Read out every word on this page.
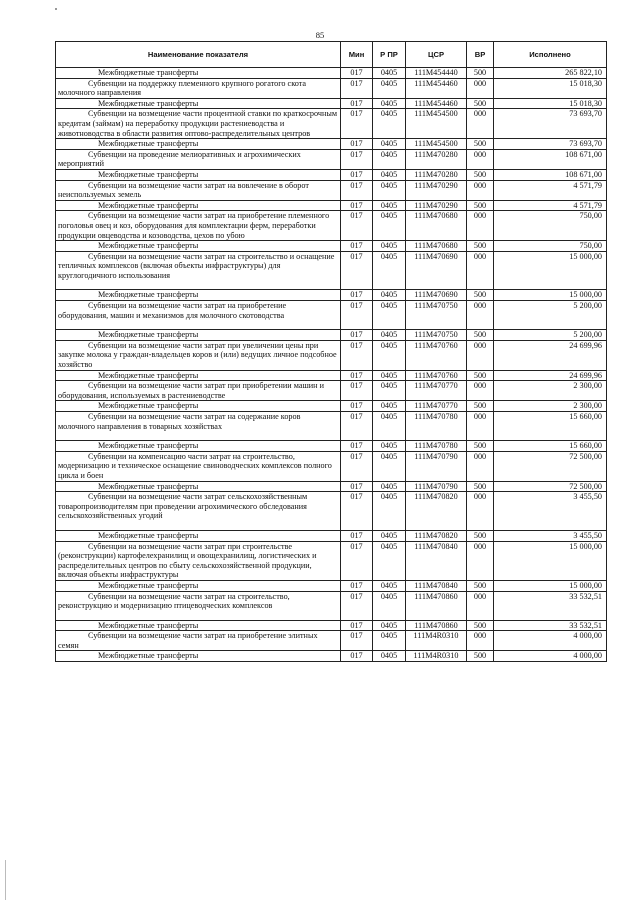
85
Наименование показателя	Мин	Р ПР	ЦСР	ВР	Исполнено
Межбюджетные трансферты	017	0405	111М454440	500	265 822,10
Субвенции на поддержку племенного крупного рогатого скота молочного направления	017	0405	111М454460	000	15 018,30
Межбюджетные трансферты	017	0405	111М454460	500	15 018,30
Субвенции на возмещение части процентной ставки по краткосрочным кредитам (займам) на переработку продукции растениеводства и животноводства в области развития оптово-распределительных центров	017	0405	111М454500	000	73 693,70
Межбюджетные трансферты	017	0405	111М454500	500	73 693,70
Субвенции на проведение мелиоративных и агрохимических мероприятий	017	0405	111М470280	000	108 671,00
Межбюджетные трансферты	017	0405	111М470280	500	108 671,00
Субвенции на возмещение части затрат на вовлечение в оборот неиспользуемых земель	017	0405	111М470290	000	4 571,79
Межбюджетные трансферты	017	0405	111М470290	500	4 571,79
Субвенции на возмещение части затрат на приобретение племенного поголовья овец и коз, оборудования для комплектации ферм, переработки продукции овцеводства и козоводства, цехов по убою	017	0405	111М470680	000	750,00
Межбюджетные трансферты	017	0405	111М470680	500	750,00
Субвенции на возмещение части затрат на строительство и оснащение тепличных комплексов (включая объекты инфраструктуры) для круглогодичного использования	017	0405	111М470690	000	15 000,00
Межбюджетные трансферты	017	0405	111М470690	500	15 000,00
Субвенции на возмещение части затрат на приобретение оборудования, машин и механизмов для молочного скотоводства	017	0405	111М470750	000	5 200,00
Межбюджетные трансферты	017	0405	111М470750	500	5 200,00
Субвенции на возмещение части затрат при увеличении цены при закупке молока у граждан-владельцев коров и (или) ведущих личное подсобное хозяйство	017	0405	111М470760	000	24 699,96
Межбюджетные трансферты	017	0405	111М470760	500	24 699,96
Субвенции на возмещение части затрат при приобретении машин и оборудования, используемых в растениеводстве	017	0405	111М470770	000	2 300,00
Межбюджетные трансферты	017	0405	111М470770	500	2 300,00
Субвенции на возмещение части затрат на содержание коров молочного направления в товарных хозяйствах	017	0405	111М470780	000	15 660,00
Межбюджетные трансферты	017	0405	111М470780	500	15 660,00
Субвенции на компенсацию части затрат на строительство, модернизацию и техническое оснащение свиноводческих комплексов полного цикла и боен	017	0405	111М470790	000	72 500,00
Межбюджетные трансферты	017	0405	111М470790	500	72 500,00
Субвенции на возмещение части затрат сельскохозяйственным товаропроизводителям при проведении агрохимического обследования сельскохозяйственных угодий	017	0405	111М470820	000	3 455,50
Межбюджетные трансферты	017	0405	111М470820	500	3 455,50
Субвенции на возмещение части затрат при строительстве (реконструкции) картофелехранилищ и овощехранилищ, логистических и распределительных центров по сбыту сельскохозяйственной продукции, включая объекты инфраструктуры	017	0405	111М470840	000	15 000,00
Межбюджетные трансферты	017	0405	111М470840	500	15 000,00
Субвенции на возмещение части затрат на строительство, реконструкцию и модернизацию птицеводческих комплексов	017	0405	111М470860	000	33 532,51
Межбюджетные трансферты	017	0405	111М470860	500	33 532,51
Субвенции на возмещение части затрат на приобретение элитных семян	017	0405	111М4R0310	000	4 000,00
Межбюджетные трансферты	017	0405	111М4R0310	500	4 000,00
